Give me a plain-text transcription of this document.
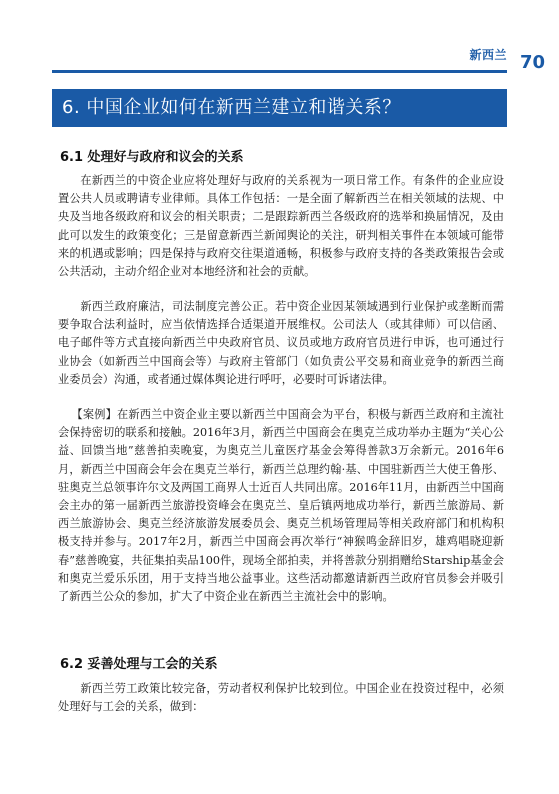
新西兰 70
6. 中国企业如何在新西兰建立和谐关系？
6.1 处理好与政府和议会的关系

在新西兰的中资企业应将处理好与政府的关系视为一项日常工作。有条件的企业应设置公共人员或聘请专业律师。具体工作包括：一是全面了解新西兰在相关领域的法规、中央及当地各级政府和议会的相关职责；二是跟踪新西兰各级政府的选举和换届情况，及由此可以发生的政策变化；三是留意新西兰新闻舆论的关注，研判相关事件在本领域可能带来的机遇或影响；四是保持与政府交往渠道通畅，积极参与政府支持的各类政策报告会或公共活动，主动介绍企业对本地经济和社会的贡献。

新西兰政府廉洁，司法制度完善公正。若中资企业因某领域遇到行业保护或垄断而需要争取合法利益时，应当依情选择合适渠道开展维权。公司法人（或其律师）可以信函、电子邮件等方式直接向新西兰中央政府官员、议员或地方政府官员进行申诉，也可通过行业协会（如新西兰中国商会等）与政府主管部门（如负责公平交易和商业竞争的新西兰商业委员会）沟通，或者通过媒体舆论进行呼吁，必要时可诉诸法律。

【案例】在新西兰中资企业主要以新西兰中国商会为平台，积极与新西兰政府和主流社会保持密切的联系和接触。2016年3月，新西兰中国商会在奥克兰成功举办主题为“关心公益、回馈当地”慈善拍卖晚宴，为奥克兰儿童医疗基金会筹得善款3万余新元。2016年6月，新西兰中国商会年会在奥克兰举行，新西兰总理约翰·基、中国驻新西兰大使王鲁彤、驻奥克兰总领事许尔文及两国工商界人士近百人共同出席。2016年11月，由新西兰中国商会主办的第一届新西兰旅游投资峰会在奥克兰、皇后镇两地成功举行，新西兰旅游局、新西兰旅游协会、奥克兰经济旅游发展委员会、奥克兰机场管理局等相关政府部门和机构积极支持并参与。2017年2月，新西兰中国商会再次举行“神猴鸣金辞旧岁，雄鸡唱晓迎新春”慈善晚宴，共征集拍卖品100件，现场全部拍卖，并将善款分别捐赠给Starship基金会和奥克兰爱乐乐团，用于支持当地公益事业。这些活动都邀请新西兰政府官员参会并吸引了新西兰公众的参加，扩大了中资企业在新西兰主流社会中的影响。

6.2 妥善处理与工会的关系

新西兰劳工政策比较完备，劳动者权利保护比较到位。中国企业在投资过程中，必须处理好与工会的关系，做到：
